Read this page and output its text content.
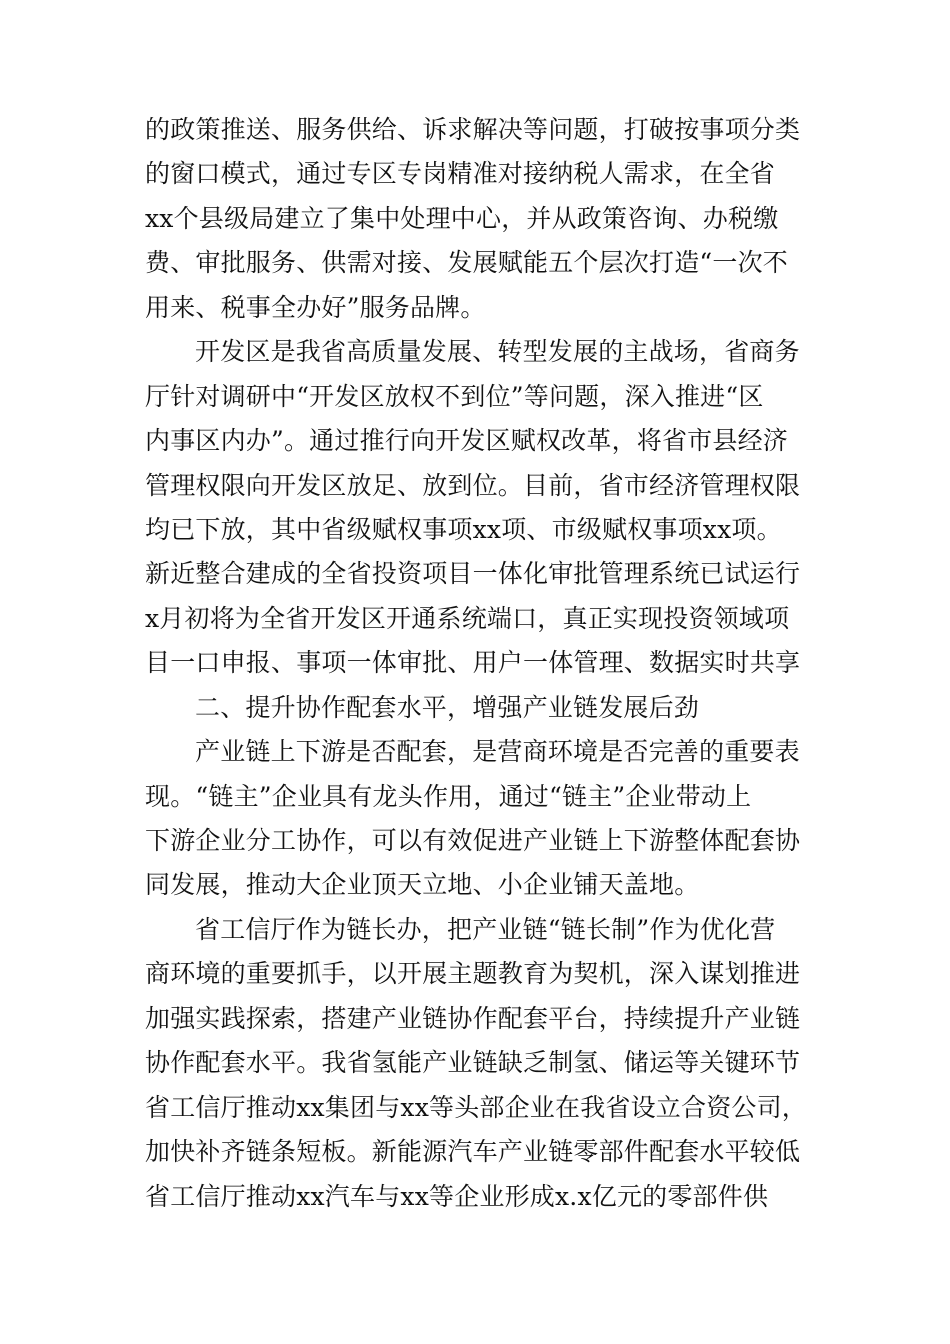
的政策推送、服务供给、诉求解决等问题，打破按事项分类
的窗口模式，通过专区专岗精准对接纳税人需求，在全省
xx个县级局建立了集中处理中心，并从政策咨询、办税缴
费、审批服务、供需对接、发展赋能五个层次打造“一次不
用来、税事全办好”服务品牌。
开发区是我省高质量发展、转型发展的主战场，省商务
厅针对调研中“开发区放权不到位”等问题，深入推进“区
内事区内办”。通过推行向开发区赋权改革，将省市县经济
管理权限向开发区放足、放到位。目前，省市经济管理权限
均已下放，其中省级赋权事项xx项、市级赋权事项xx项。
新近整合建成的全省投资项目一体化审批管理系统已试运行
x月初将为全省开发区开通系统端口，真正实现投资领域项
目一口申报、事项一体审批、用户一体管理、数据实时共享
二、提升协作配套水平，增强产业链发展后劲
产业链上下游是否配套，是营商环境是否完善的重要表
现。“链主”企业具有龙头作用，通过“链主”企业带动上
下游企业分工协作，可以有效促进产业链上下游整体配套协
同发展，推动大企业顶天立地、小企业铺天盖地。
省工信厅作为链长办，把产业链“链长制”作为优化营
商环境的重要抓手，以开展主题教育为契机，深入谋划推进
加强实践探索，搭建产业链协作配套平台，持续提升产业链
协作配套水平。我省氢能产业链缺乏制氢、储运等关键环节
省工信厅推动xx集团与xx等头部企业在我省设立合资公司，
加快补齐链条短板。新能源汽车产业链零部件配套水平较低
省工信厅推动xx汽车与xx等企业形成x.x亿元的零部件供
